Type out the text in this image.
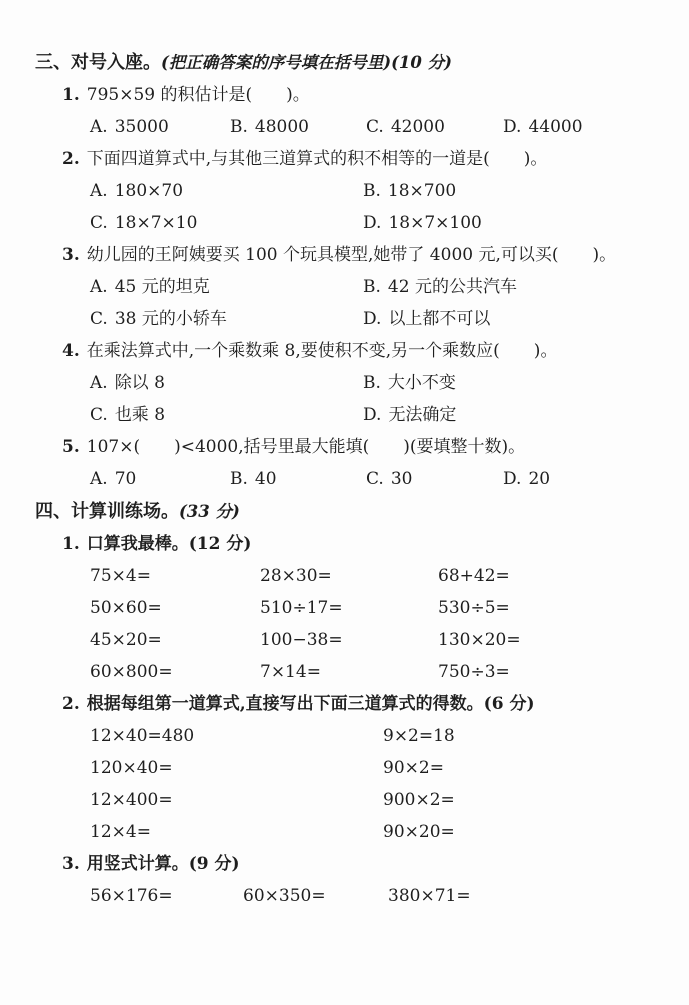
三、对号入座。(把正确答案的序号填在括号里)(10 分)
1. 795×59 的积估计是(　　)。
A. 35000	B. 48000	C. 42000	D. 44000
2. 下面四道算式中,与其他三道算式的积不相等的一道是(　　)。
A. 180×70	B. 18×700
C. 18×7×10	D. 18×7×100
3. 幼儿园的王阿姨要买 100 个玩具模型,她带了 4000 元,可以买(　　)。
A. 45 元的坦克	B. 42 元的公共汽车
C. 38 元的小轿车	D. 以上都不可以
4. 在乘法算式中,一个乘数乘 8,要使积不变,另一个乘数应(　　)。
A. 除以 8	B. 大小不变
C. 也乘 8	D. 无法确定
5. 107×(　　)<4000,括号里最大能填(　　)(要填整十数)。
A. 70	B. 40	C. 30	D. 20
四、计算训练场。(33 分)
1. 口算我最棒。(12 分)
75×4=	28×30=	68+42=
50×60=	510÷17=	530÷5=
45×20=	100−38=	130×20=
60×800=	7×14=	750÷3=
2. 根据每组第一道算式,直接写出下面三道算式的得数。(6 分)
12×40=480	9×2=18
120×40=	90×2=
12×400=	900×2=
12×4=	90×20=
3. 用竖式计算。(9 分)
56×176=	60×350=	380×71=
